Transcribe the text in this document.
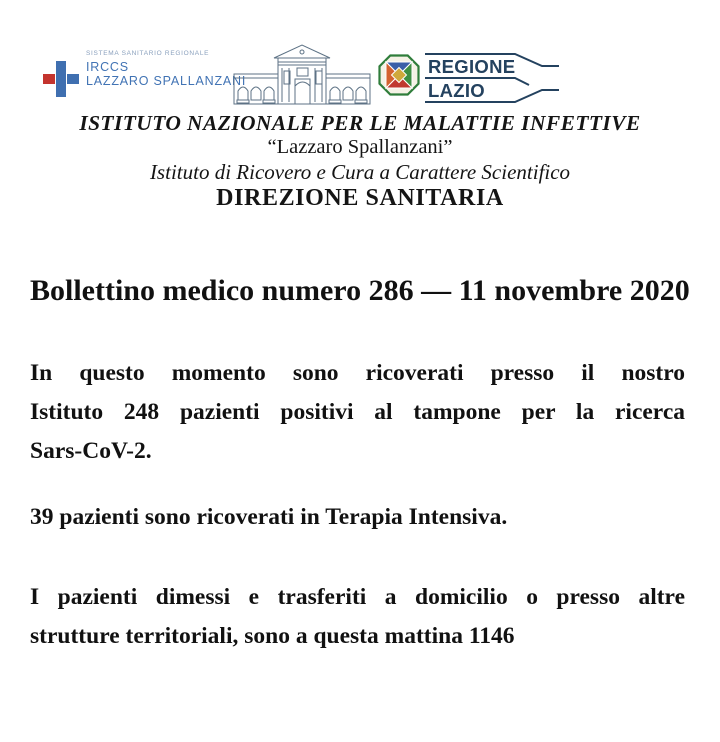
SISTEMA SANITARIO REGIONALE
IRCCS
LAZZARO SPALLANZANI
REGIONE
LAZIO
ISTITUTO NAZIONALE PER LE MALATTIE INFETTIVE
“Lazzaro Spallanzani”
Istituto di Ricovero e Cura a Carattere Scientifico
DIREZIONE SANITARIA
Bollettino medico numero 286 — 11 novembre 2020

In questo momento sono ricoverati presso il nostro
Istituto 248 pazienti positivi al tampone per la ricerca
Sars-CoV-2.

39 pazienti sono ricoverati in Terapia Intensiva.

I pazienti dimessi e trasferiti a domicilio o presso altre
strutture territoriali, sono a questa mattina 1146
